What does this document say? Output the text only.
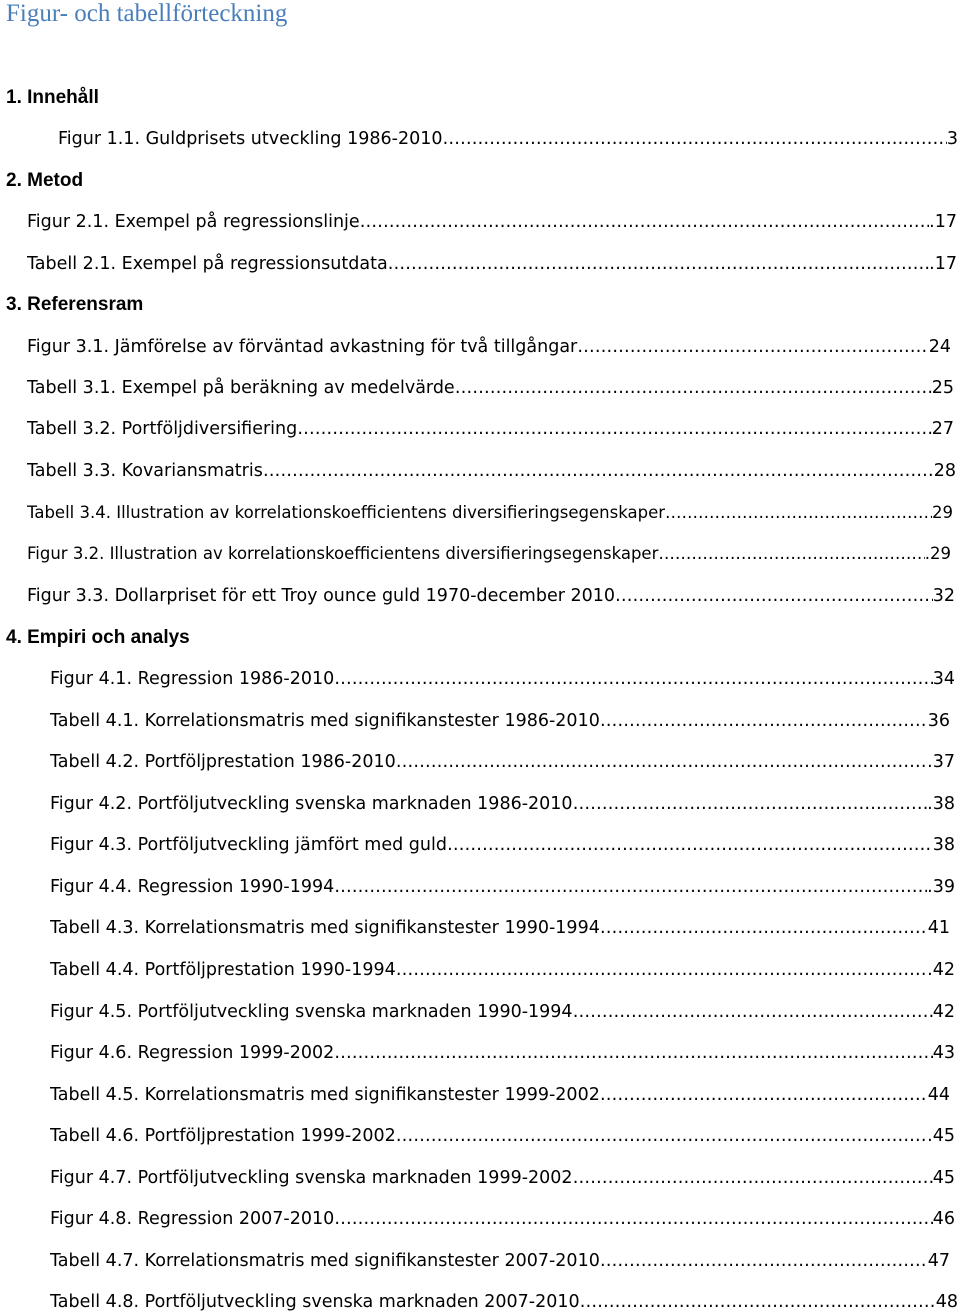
Figur- och tabellförteckning
1. Innehåll
Figur 1.1. Guldprisets utveckling 1986-2010 …………………………………………………………………………………………………………………………………………………………………………………………………………………………	3
2. Metod
Figur 2.1. Exempel på regressionslinje …………………………………………………………………………………………………………………………………………………………………………………………………………………………	.17
Tabell 2.1. Exempel på regressionsutdata …………………………………………………………………………………………………………………………………………………………………………………………………………………………	.17
3. Referensram
Figur 3.1. Jämförelse av förväntad avkastning för två tillgångar …………………………………………………………………………………………………………………………………………………………………………………………………………………………	24
Tabell 3.1. Exempel på beräkning av medelvärde …………………………………………………………………………………………………………………………………………………………………………………………………………………………	25
Tabell 3.2. Portföljdiversifiering …………………………………………………………………………………………………………………………………………………………………………………………………………………………	27
Tabell 3.3. Kovariansmatris …………………………………………………………………………………………………………………………………………………………………………………………………………………………	28
Tabell 3.4. Illustration av korrelationskoefficientens diversifieringsegenskaper …………………………………………………………………………………………………………………………………………………………………………………………………………………………	29
Figur 3.2. Illustration av korrelationskoefficientens diversifieringsegenskaper …………………………………………………………………………………………………………………………………………………………………………………………………………………………	.29
Figur 3.3. Dollarpriset för ett Troy ounce guld 1970-december 2010 …………………………………………………………………………………………………………………………………………………………………………………………………………………………	32
4. Empiri och analys
Figur 4.1. Regression 1986-2010 …………………………………………………………………………………………………………………………………………………………………………………………………………………………	34
Tabell 4.1. Korrelationsmatris med signifikanstester 1986-2010 …………………………………………………………………………………………………………………………………………………………………………………………………………………………	36
Tabell 4.2. Portföljprestation 1986-2010 …………………………………………………………………………………………………………………………………………………………………………………………………………………………	.37
Figur 4.2. Portföljutveckling svenska marknaden 1986-2010 …………………………………………………………………………………………………………………………………………………………………………………………………………………………	.38
Figur 4.3. Portföljutveckling jämfört med guld …………………………………………………………………………………………………………………………………………………………………………………………………………………………	38
Figur 4.4. Regression 1990-1994 …………………………………………………………………………………………………………………………………………………………………………………………………………………………	.39
Tabell 4.3. Korrelationsmatris med signifikanstester 1990-1994 …………………………………………………………………………………………………………………………………………………………………………………………………………………………	41
Tabell 4.4. Portföljprestation 1990-1994 …………………………………………………………………………………………………………………………………………………………………………………………………………………………	.42
Figur 4.5. Portföljutveckling svenska marknaden 1990-1994 …………………………………………………………………………………………………………………………………………………………………………………………………………………………	42
Figur 4.6. Regression 1999-2002 …………………………………………………………………………………………………………………………………………………………………………………………………………………………	43
Tabell 4.5. Korrelationsmatris med signifikanstester 1999-2002 …………………………………………………………………………………………………………………………………………………………………………………………………………………………	44
Tabell 4.6. Portföljprestation 1999-2002 …………………………………………………………………………………………………………………………………………………………………………………………………………………………	.45
Figur 4.7. Portföljutveckling svenska marknaden 1999-2002 …………………………………………………………………………………………………………………………………………………………………………………………………………………………	45
Figur 4.8. Regression 2007-2010 …………………………………………………………………………………………………………………………………………………………………………………………………………………………	46
Tabell 4.7. Korrelationsmatris med signifikanstester 2007-2010 …………………………………………………………………………………………………………………………………………………………………………………………………………………………	47
Tabell 4.8. Portföljutveckling svenska marknaden 2007-2010 …………………………………………………………………………………………………………………………………………………………………………………………………………………………	48
